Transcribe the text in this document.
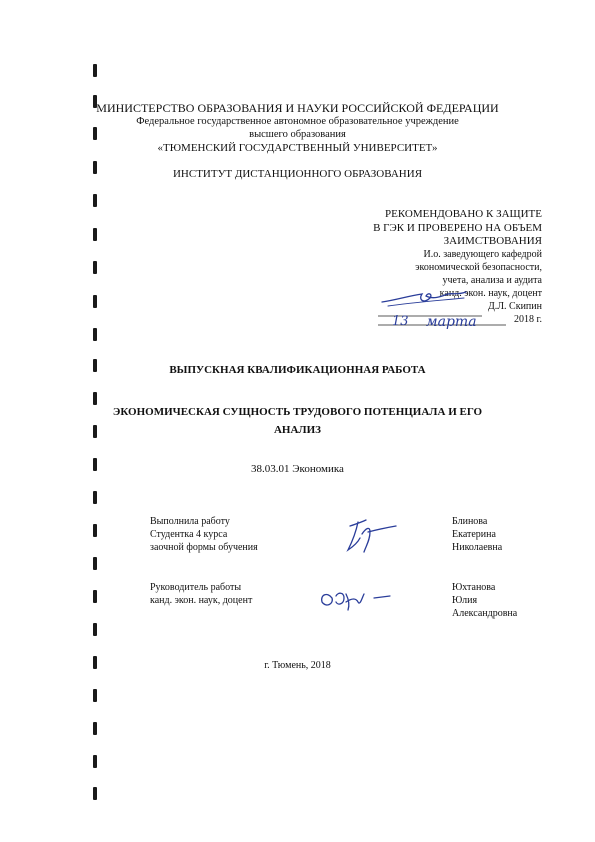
МИНИСТЕРСТВО ОБРАЗОВАНИЯ И НАУКИ РОССИЙСКОЙ ФЕДЕРАЦИИ
Федеральное государственное автономное образовательное учреждение
высшего образования
«ТЮМЕНСКИЙ ГОСУДАРСТВЕННЫЙ УНИВЕРСИТЕТ»
ИНСТИТУТ ДИСТАНЦИОННОГО ОБРАЗОВАНИЯ
РЕКОМЕНДОВАНО К ЗАЩИТЕ
В ГЭК И ПРОВЕРЕНО НА ОБЪЕМ
ЗАИМСТВОВАНИЯ
И.о. заведующего кафедрой
экономической безопасности,
учета, анализа и аудита
канд. экон. наук, доцент
Д.Л. Скипин
2018 г.
13 марта
ВЫПУСКНАЯ КВАЛИФИКАЦИОННАЯ РАБОТА
ЭКОНОМИЧЕСКАЯ СУЩНОСТЬ ТРУДОВОГО ПОТЕНЦИАЛА И ЕГО
АНАЛИЗ
38.03.01 Экономика
Выполнила работу
Студентка 4 курса
заочной формы обучения
Блинова
Екатерина
Николаевна
Руководитель работы
канд. экон. наук, доцент
Юхтанова
Юлия
Александровна
г. Тюмень, 2018
